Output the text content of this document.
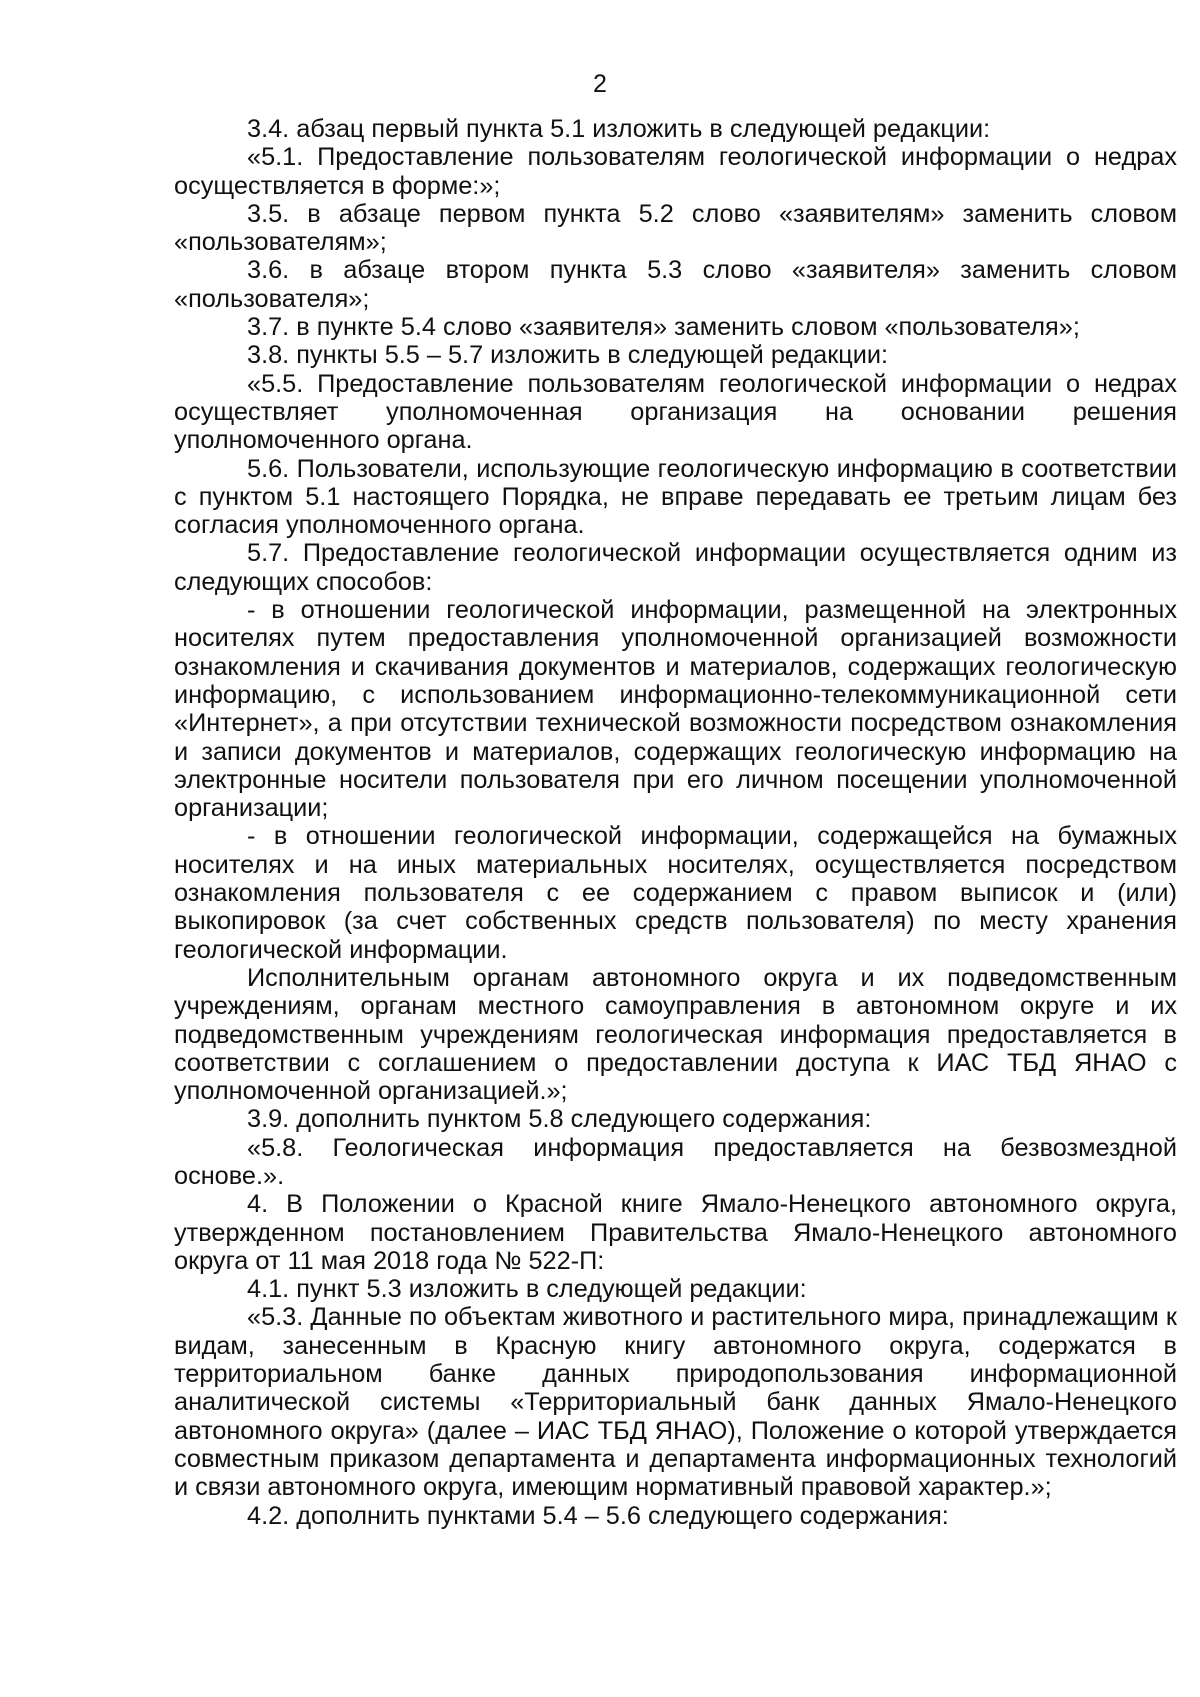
2

3.4. абзац первый пункта 5.1 изложить в следующей редакции:

«5.1. Предоставление пользователям геологической информации о недрах осуществляется в форме:»;

3.5. в абзаце первом пункта 5.2 слово «заявителям» заменить словом «пользователям»;

3.6. в абзаце втором пункта 5.3 слово «заявителя» заменить словом «пользователя»;

3.7. в пункте 5.4 слово «заявителя» заменить словом «пользователя»;

3.8. пункты 5.5 – 5.7 изложить в следующей редакции:

«5.5. Предоставление пользователям геологической информации о недрах осуществляет уполномоченная организация на основании решения уполномоченного органа.

5.6. Пользователи, использующие геологическую информацию в соответствии с пунктом 5.1 настоящего Порядка, не вправе передавать ее третьим лицам без согласия уполномоченного органа.

5.7. Предоставление геологической информации осуществляется одним из следующих способов:

- в отношении геологической информации, размещенной на электронных носителях путем предоставления уполномоченной организацией возможности ознакомления и скачивания документов и материалов, содержащих геологическую информацию, с использованием информационно-телекоммуникационной сети «Интернет», а при отсутствии технической возможности посредством ознакомления и записи документов и материалов, содержащих геологическую информацию на электронные носители пользователя при его личном посещении уполномоченной организации;

- в отношении геологической информации, содержащейся на бумажных носителях и на иных материальных носителях, осуществляется посредством ознакомления пользователя с ее содержанием с правом выписок и (или) выкопировок (за счет собственных средств пользователя) по месту хранения геологической информации.

Исполнительным органам автономного округа и их подведомственным учреждениям, органам местного самоуправления в автономном округе и их подведомственным учреждениям геологическая информация предоставляется в соответствии с соглашением о предоставлении доступа к ИАС ТБД ЯНАО с уполномоченной организацией.»;

3.9. дополнить пунктом 5.8 следующего содержания:

«5.8. Геологическая информация предоставляется на безвозмездной основе.».

4. В Положении о Красной книге Ямало-Ненецкого автономного округа, утвержденном постановлением Правительства Ямало-Ненецкого автономного округа от 11 мая 2018 года № 522-П:

4.1. пункт 5.3 изложить в следующей редакции:

«5.3. Данные по объектам животного и растительного мира, принадлежащим к видам, занесенным в Красную книгу автономного округа, содержатся в территориальном банке данных природопользования информационной аналитической системы «Территориальный банк данных Ямало-Ненецкого автономного округа» (далее – ИАС ТБД ЯНАО), Положение о которой утверждается совместным приказом департамента и департамента информационных технологий и связи автономного округа, имеющим нормативный правовой характер.»;

4.2. дополнить пунктами 5.4 – 5.6 следующего содержания:
